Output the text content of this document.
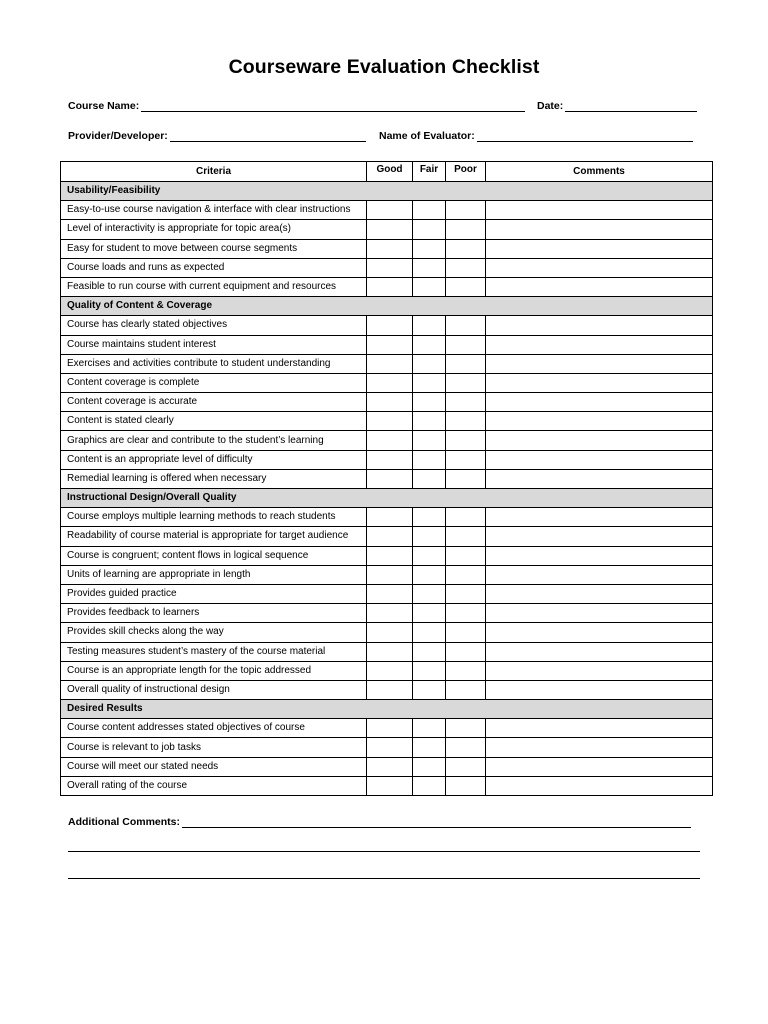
Courseware Evaluation Checklist
Course Name:	Date:
Provider/Developer:	Name of Evaluator:
Criteria	Good	Fair	Poor	Comments
Usability/Feasibility				
Easy-to-use course navigation & interface with clear instructions				
Level of interactivity is appropriate for topic area(s)				
Easy for student to move between course segments				
Course loads and runs as expected				
Feasible to run course with current equipment and resources				
Quality of Content & Coverage				
Course has clearly stated objectives				
Course maintains student interest				
Exercises and activities contribute to student understanding				
Content coverage is complete				
Content coverage is accurate				
Content is stated clearly				
Graphics are clear and contribute to the student’s learning				
Content is an appropriate level of difficulty				
Remedial learning is offered when necessary				
Instructional Design/Overall Quality				
Course employs multiple learning methods to reach students				
Readability of course material is appropriate for target audience				
Course is congruent; content flows in logical sequence				
Units of learning are appropriate in length				
Provides guided practice				
Provides feedback to learners				
Provides skill checks along the way				
Testing measures student’s mastery of the course material				
Course is an appropriate length for the topic addressed				
Overall quality of instructional design				
Desired Results				
Course content addresses stated objectives of course				
Course is relevant to job tasks				
Course will meet our stated needs				
Overall rating of the course				
Additional Comments:
